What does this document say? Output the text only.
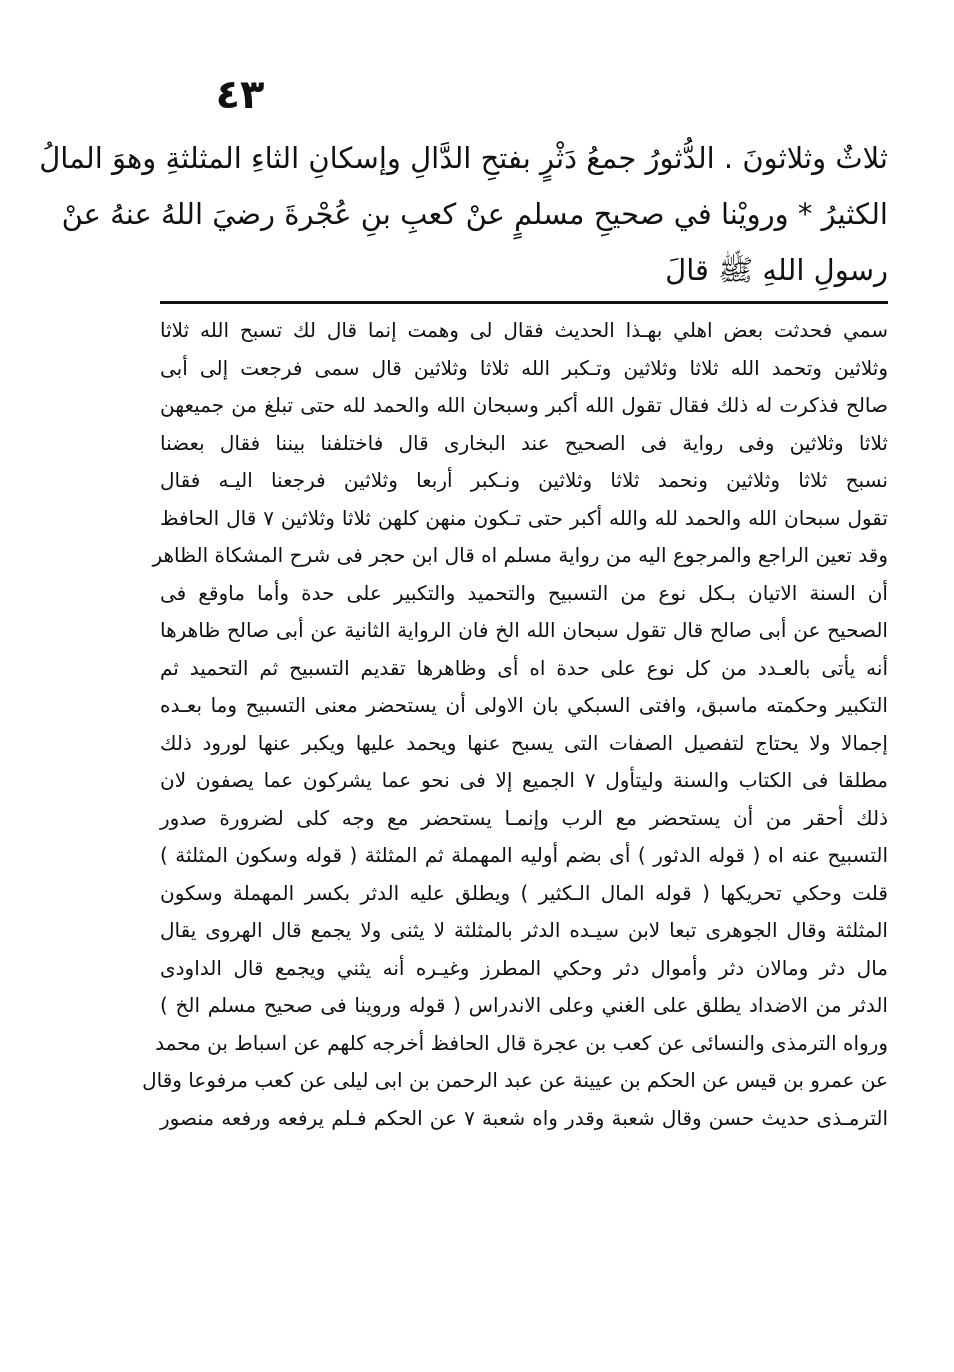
٤٣
ثلاثٌ وثلاثونَ . الدُّثورُ جمعُ دَثْرٍ بفتحِ الدَّالِ وإسكانِ الثاءِ المثلثةِ وهوَ المالُ
الكثيرُ * ورويْنا في صحيحِ مسلمٍ عنْ كعبِ بنِ عُجْرةَ رضيَ اللهُ عنهُ عنْ
رسولِ اللهِ ﷺ قالَ
سمي فحدثت بعض اهلي بهـذا الحديث فقال لى وهمت إنما قال لك تسبح الله ثلاثا
وثلاثين وتحمد الله ثلاثا وثلاثين وتـكبر الله ثلاثا وثلاثين قال سمى فرجعت إلى أبى
صالح فذكرت له ذلك فقال تقول الله أكبر وسبحان الله والحمد لله حتى تبلغ من جميعهن
ثلاثا وثلاثين وفى رواية فى الصحيح عند البخارى قال فاختلفنا بيننا فقال بعضنا
نسبح ثلاثا وثلاثين ونحمد ثلاثا وثلاثين ونـكبر أربعا وثلاثين فرجعنا اليـه فقال
تقول سبحان الله والحمد لله والله أكبر حتى تـكون منهن كلهن ثلاثا وثلاثين ٧ قال الحافظ
وقد تعين الراجع والمرجوع اليه من رواية مسلم اه قال ابن حجر فى شرح المشكاة الظاهر
أن السنة الاتيان بـكل نوع من التسبيح والتحميد والتكبير على حدة وأما ماوقع فى
الصحيح عن أبى صالح قال تقول سبحان الله الخ فان الرواية الثانية عن أبى صالح ظاهرها
أنه يأتى بالعـدد من كل نوع على حدة اه أى وظاهرها تقديم التسبيح ثم التحميد ثم
التكبير وحكمته ماسبق، وافتى السبكي بان الاولى أن يستحضر معنى التسبيح وما بعـده
إجمالا ولا يحتاج لتفصيل الصفات التى يسبح عنها ويحمد عليها ويكبر عنها لورود ذلك
مطلقا فى الكتاب والسنة وليتأول ٧ الجميع إلا فى نحو عما يشركون عما يصفون لان
ذلك أحقر من أن يستحضر مع الرب وإنمـا يستحضر مع وجه كلى لضرورة صدور
التسبيح عنه اه ( قوله الدثور ) أى بضم أوليه المهملة ثم المثلثة ( قوله وسكون المثلثة )
قلت وحكي تحريكها ( قوله المال الـكثير ) ويطلق عليه الدثر بكسر المهملة وسكون
المثلثة وقال الجوهرى تبعا لابن سيـده الدثر بالمثلثة لا يثنى ولا يجمع قال الهروى يقال
مال دثر ومالان دثر وأموال دثر وحكي المطرز وغيـره أنه يثني ويجمع قال الداودى
الدثر من الاضداد يطلق على الغني وعلى الاندراس ( قوله وروينا فى صحيح مسلم الخ )
ورواه الترمذى والنسائى عن كعب بن عجرة قال الحافظ أخرجه كلهم عن اسباط بن محمد
عن عمرو بن قيس عن الحكم بن عيينة عن عبد الرحمن بن ابى ليلى عن كعب مرفوعا وقال
الترمـذى حديث حسن وقال شعبة وقدر واه شعبة ٧ عن الحكم فـلم يرفعه ورفعه منصور
